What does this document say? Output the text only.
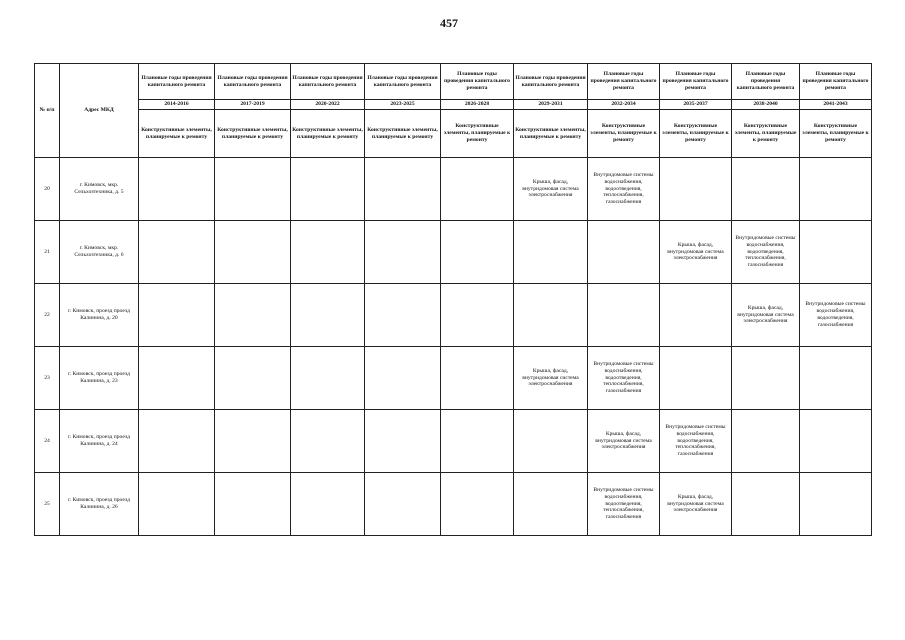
457
№ п/п	Адрес МКД	Плановые годы проведения капитального ремонта	Плановые годы проведения капитального ремонта	Плановые годы проведения капитального ремонта	Плановые годы проведения капитального ремонта	Плановые годы проведения капитального ремонта	Плановые годы проведения капитального ремонта	Плановые годы проведения капитального ремонта	Плановые годы проведения капитального ремонта	Плановые годы проведения капитального ремонта	Плановые годы проведения капитального ремонта
		2014-2016	2017-2019	2020-2022	2023-2025	2026-2028	2029-2031	2032-2034	2035-2037	2038-2040	2041-2043
		Конструктивные элементы, планируемые к ремонту	Конструктивные элементы, планируемые к ремонту	Конструктивные элементы, планируемые к ремонту	Конструктивные элементы, планируемые к ремонту	Конструктивные элементы, планируемые к ремонту	Конструктивные элементы, планируемые к ремонту	Конструктивные элементы, планируемые к ремонту	Конструктивные элементы, планируемые к ремонту	Конструктивные элементы, планируемые к ремонту	Конструктивные элементы, планируемые к ремонту
20	г. Кимовск, мкр. Сельхозтехника, д. 5						Крыша, фасад, внутридомовая система электроснабжения	Внутридомовые системы водоснабжения, водоотведения, теплоснабжения, газоснабжения			
21	г. Кимовск, мкр. Сельхозтехника, д. 6								Крыша, фасад, внутридомовая система электроснабжения	Внутридомовые системы водоснабжения, водоотведения, теплоснабжения, газоснабжения	
22	г. Кимовск, проезд проезд Калинина, д. 20									Крыша, фасад, внутридомовая система электроснабжения	Внутридомовые системы водоснабжения, водоотведения, газоснабжения
23	г. Кимовск, проезд проезд Калинина, д. 23						Крыша, фасад, внутридомовая система электроснабжения	Внутридомовые системы водоснабжения, водоотведения, теплоснабжения, газоснабжения			
24	г. Кимовск, проезд проезд Калинина, д. 24							Крыша, фасад, внутридомовая система электроснабжения	Внутридомовые системы водоснабжения, водоотведения, теплоснабжения, газоснабжения		
25	г. Кимовск, проезд проезд Калинина, д. 26							Внутридомовые системы водоснабжения, водоотведения, теплоснабжения, газоснабжения	Крыша, фасад, внутридомовая система электроснабжения		
